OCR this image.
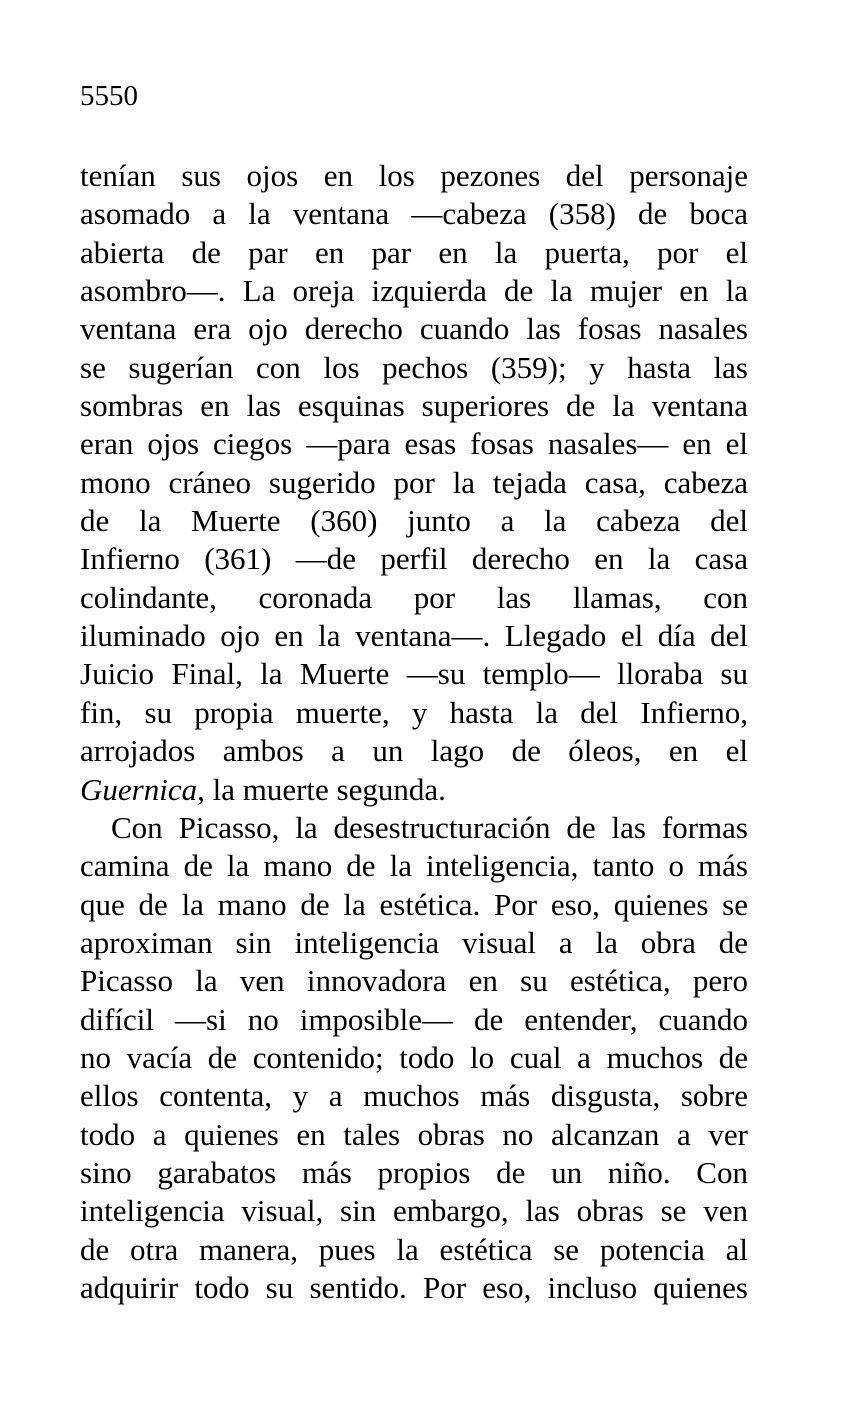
5550

tenían sus ojos en los pezones del personaje
asomado a la ventana —cabeza (358) de boca
abierta de par en par en la puerta, por el
asombro—. La oreja izquierda de la mujer en la
ventana era ojo derecho cuando las fosas nasales
se sugerían con los pechos (359); y hasta las
sombras en las esquinas superiores de la ventana
eran ojos ciegos —para esas fosas nasales— en el
mono cráneo sugerido por la tejada casa, cabeza
de la Muerte (360) junto a la cabeza del
Infierno (361) —de perfil derecho en la casa
colindante, coronada por las llamas, con
iluminado ojo en la ventana—. Llegado el día del
Juicio Final, la Muerte —su templo— lloraba su
fin, su propia muerte, y hasta la del Infierno,
arrojados ambos a un lago de óleos, en el
Guernica, la muerte segunda.
Con Picasso, la desestructuración de las formas
camina de la mano de la inteligencia, tanto o más
que de la mano de la estética. Por eso, quienes se
aproximan sin inteligencia visual a la obra de
Picasso la ven innovadora en su estética, pero
difícil —si no imposible— de entender, cuando
no vacía de contenido; todo lo cual a muchos de
ellos contenta, y a muchos más disgusta, sobre
todo a quienes en tales obras no alcanzan a ver
sino garabatos más propios de un niño. Con
inteligencia visual, sin embargo, las obras se ven
de otra manera, pues la estética se potencia al
adquirir todo su sentido. Por eso, incluso quienes
